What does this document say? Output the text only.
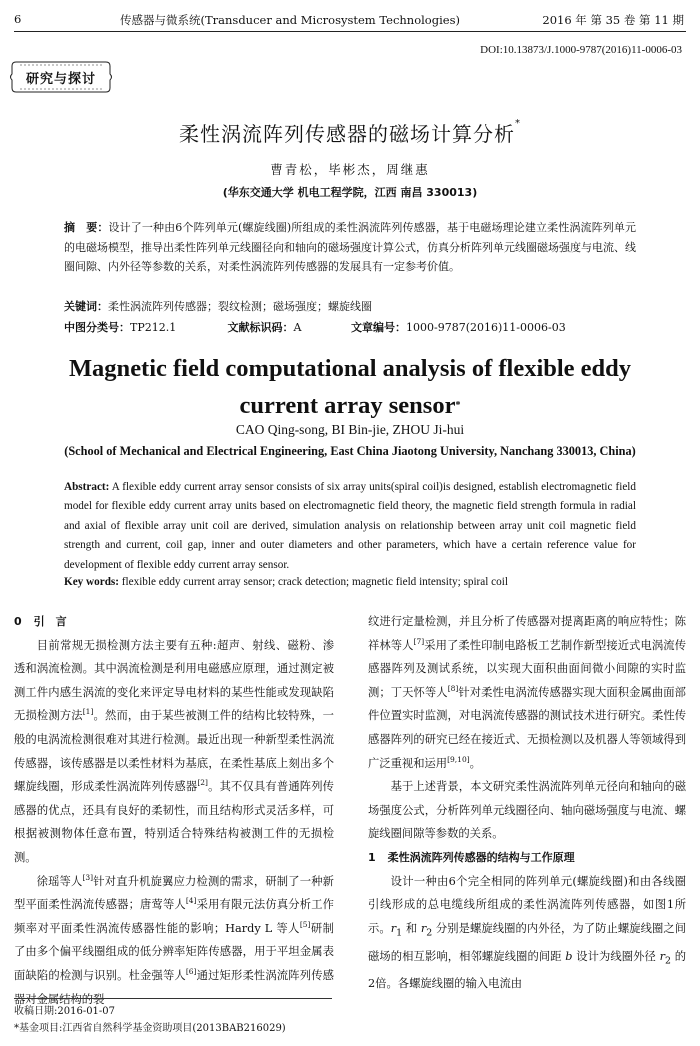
6	传感器与微系统(Transducer and Microsystem Technologies)	2016 年 第 35 卷 第 11 期
DOI:10.13873/J.1000-9787(2016)11-0006-03
研究与探讨
柔性涡流阵列传感器的磁场计算分析*
曹青松，毕彬杰，周继惠
(华东交通大学 机电工程学院，江西 南昌 330013)
摘　要：设计了一种由6个阵列单元(螺旋线圈)所组成的柔性涡流阵列传感器，基于电磁场理论建立柔性涡流阵列单元的电磁场模型，推导出柔性阵列单元线圈径向和轴向的磁场强度计算公式，仿真分析阵列单元线圈磁场强度与电流、线圈间隙、内外径等参数的关系，对柔性涡流阵列传感器的发展具有一定参考价值。
关键词：柔性涡流阵列传感器；裂纹检测；磁场强度；螺旋线圈
中图分类号：TP212.1	文献标识码：A	文章编号：1000-9787(2016)11-0006-03
Magnetic field computational analysis of flexible eddy current array sensor*
CAO Qing-song, BI Bin-jie, ZHOU Ji-hui
(School of Mechanical and Electrical Engineering, East China Jiaotong University, Nanchang 330013, China)
Abstract: A flexible eddy current array sensor consists of six array units(spiral coil)is designed, establish electromagnetic field model for flexible eddy current array units based on electromagnetic field theory, the magnetic field strength formula in radial and axial of flexible array unit coil are derived, simulation analysis on relationship between array unit coil magnetic field strength and current, coil gap, inner and outer diameters and other parameters, which have a certain reference value for development of flexible eddy current array sensor.
Key words: flexible eddy current array sensor; crack detection; magnetic field intensity; spiral coil
0 引　言

目前常规无损检测方法主要有五种:超声、射线、磁粉、渗透和涡流检测。其中涡流检测是利用电磁感应原理，通过测定被测工件内感生涡流的变化来评定导电材料的某些性能或发现缺陷无损检测方法[1]。然而，由于某些被测工件的结构比较特殊，一般的电涡流检测很难对其进行检测。最近出现一种新型柔性涡流传感器，该传感器是以柔性材料为基底，在柔性基底上刻出多个螺旋线圈，形成柔性涡流阵列传感器[2]。其不仅具有普通阵列传感器的优点，还具有良好的柔韧性，而且结构形式灵活多样，可根据被测物体任意布置，特别适合特殊结构被测工件的无损检测。

徐瑶等人[3]针对直升机旋翼应力检测的需求，研制了一种新型平面柔性涡流传感器；唐莺等人[4]采用有限元法仿真分析工作频率对平面柔性涡流传感器性能的影响；Hardy L 等人[5]研制了由多个偏平线圈组成的低分辨率矩阵传感器，用于平坦金属表面缺陷的检测与识别。杜金强等人[6]通过矩形柔性涡流阵列传感器对金属结构的裂

纹进行定量检测，并且分析了传感器对提离距离的响应特性；陈祥林等人[7]采用了柔性印制电路板工艺制作新型接近式电涡流传感器阵列及测试系统，以实现大面积曲面间微小间隙的实时监测；丁天怀等人[8]针对柔性电涡流传感器实现大面积金属曲面部件位置实时监测，对电涡流传感器的测试技术进行研究。柔性传感器阵列的研究已经在接近式、无损检测以及机器人等领域得到广泛重视和运用[9,10]。

基于上述背景，本文研究柔性涡流阵列单元径向和轴向的磁场强度公式，分析阵列单元线圈径向、轴向磁场强度与电流、螺旋线圈间隙等参数的关系。

1 柔性涡流阵列传感器的结构与工作原理

设计一种由6个完全相同的阵列单元(螺旋线圈)和由各线圈引线形成的总电缆线所组成的柔性涡流阵列传感器，如图1所示。$r_1$ 和 $r_2$ 分别是螺旋线圈的内外径，为了防止螺旋线圈之间磁场的相互影响，相邻螺旋线圈的间距 b 设计为线圈外径 $r_2$ 的2倍。各螺旋线圈的输入电流由

收稿日期:2016-01-07
*基金项目:江西省自然科学基金资助项目(2013BAB216029)
